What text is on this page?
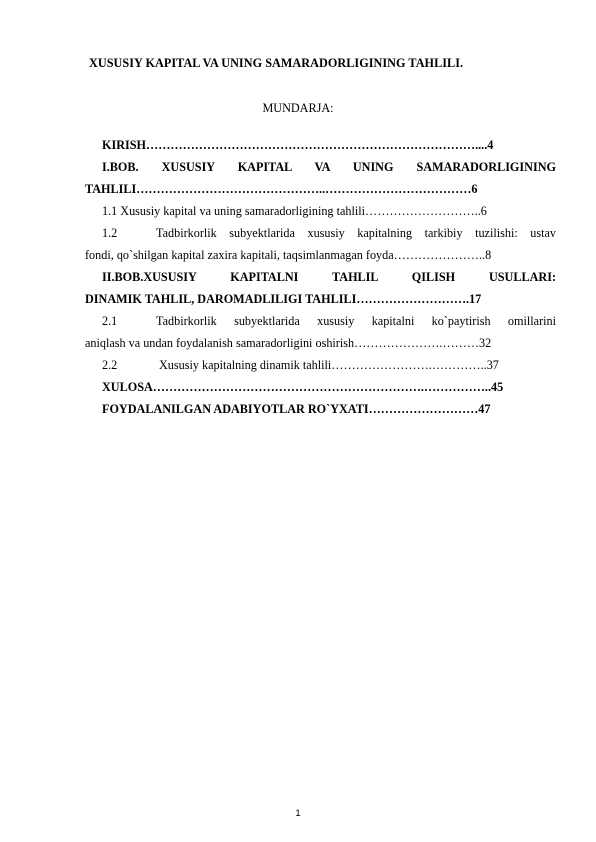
XUSUSIY KAPITAL VA UNING SAMARADORLIGINING TAHLILI.
MUNDARJA:
KIRISH………………………………………………………………………....4
I.BOB. XUSUSIY KAPITAL VA UNING SAMARADORLIGINING
TAHLILI………………………………………..………………………………6
1.1 Xususiy kapital va uning samaradorligining tahlili………………………..6
1.2	Tadbirkorlik subyektlarida xususiy kapitalning tarkibiy tuzilishi: ustav
fondi, qo`shilgan kapital zaxira kapitali, taqsimlanmagan foyda…………………..8
II.BOB.XUSUSIY KAPITALNI TAHLIL QILISH USULLARI:
DINAMIK TAHLIL, DAROMADLILIGI TAHLILI……………………….17
2.1	Tadbirkorlik subyektlarida xususiy kapitalni ko`paytirish omillarini
aniqlash va undan foydalanish samaradorligini oshirish………………….………32
2.2	Xususiy kapitalning dinamik tahlili…………………….…………..37
XULOSA………………………………………………………….……………..45
FOYDALANILGAN ADABIYOTLAR RO`YXATI………………………47
1
